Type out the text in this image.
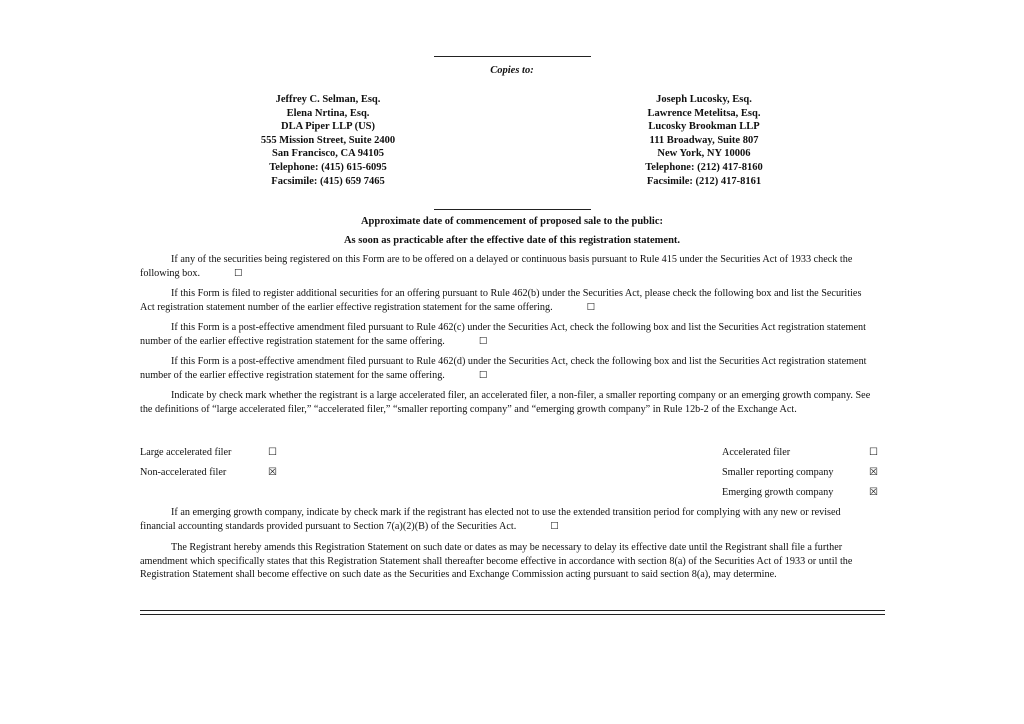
Copies to:
Jeffrey C. Selman, Esq.
Elena Nrtina, Esq.
DLA Piper LLP (US)
555 Mission Street, Suite 2400
San Francisco, CA 94105
Telephone: (415) 615-6095
Facsimile: (415) 659 7465
Joseph Lucosky, Esq.
Lawrence Metelitsa, Esq.
Lucosky Brookman LLP
111 Broadway, Suite 807
New York, NY 10006
Telephone: (212) 417-8160
Facsimile: (212) 417-8161
Approximate date of commencement of proposed sale to the public:
As soon as practicable after the effective date of this registration statement.
If any of the securities being registered on this Form are to be offered on a delayed or continuous basis pursuant to Rule 415 under the Securities Act of 1933 check the following box.	☐
If this Form is filed to register additional securities for an offering pursuant to Rule 462(b) under the Securities Act, please check the following box and list the Securities Act registration statement number of the earlier effective registration statement for the same offering.	☐
If this Form is a post-effective amendment filed pursuant to Rule 462(c) under the Securities Act, check the following box and list the Securities Act registration statement number of the earlier effective registration statement for the same offering.	☐
If this Form is a post-effective amendment filed pursuant to Rule 462(d) under the Securities Act, check the following box and list the Securities Act registration statement number of the earlier effective registration statement for the same offering.	☐
Indicate by check mark whether the registrant is a large accelerated filer, an accelerated filer, a non-filer, a smaller reporting company or an emerging growth company. See the definitions of “large accelerated filer,” “accelerated filer,” “smaller reporting company” and “emerging growth company” in Rule 12b-2 of the Exchange Act.
Large accelerated filer	☐	Accelerated filer	☐
Non-accelerated filer	☒	Smaller reporting company	☒
Emerging growth company	☒
If an emerging growth company, indicate by check mark if the registrant has elected not to use the extended transition period for complying with any new or revised financial accounting standards provided pursuant to Section 7(a)(2)(B) of the Securities Act.	☐
The Registrant hereby amends this Registration Statement on such date or dates as may be necessary to delay its effective date until the Registrant shall file a further amendment which specifically states that this Registration Statement shall thereafter become effective in accordance with section 8(a) of the Securities Act of 1933 or until the Registration Statement shall become effective on such date as the Securities and Exchange Commission acting pursuant to said section 8(a), may determine.
